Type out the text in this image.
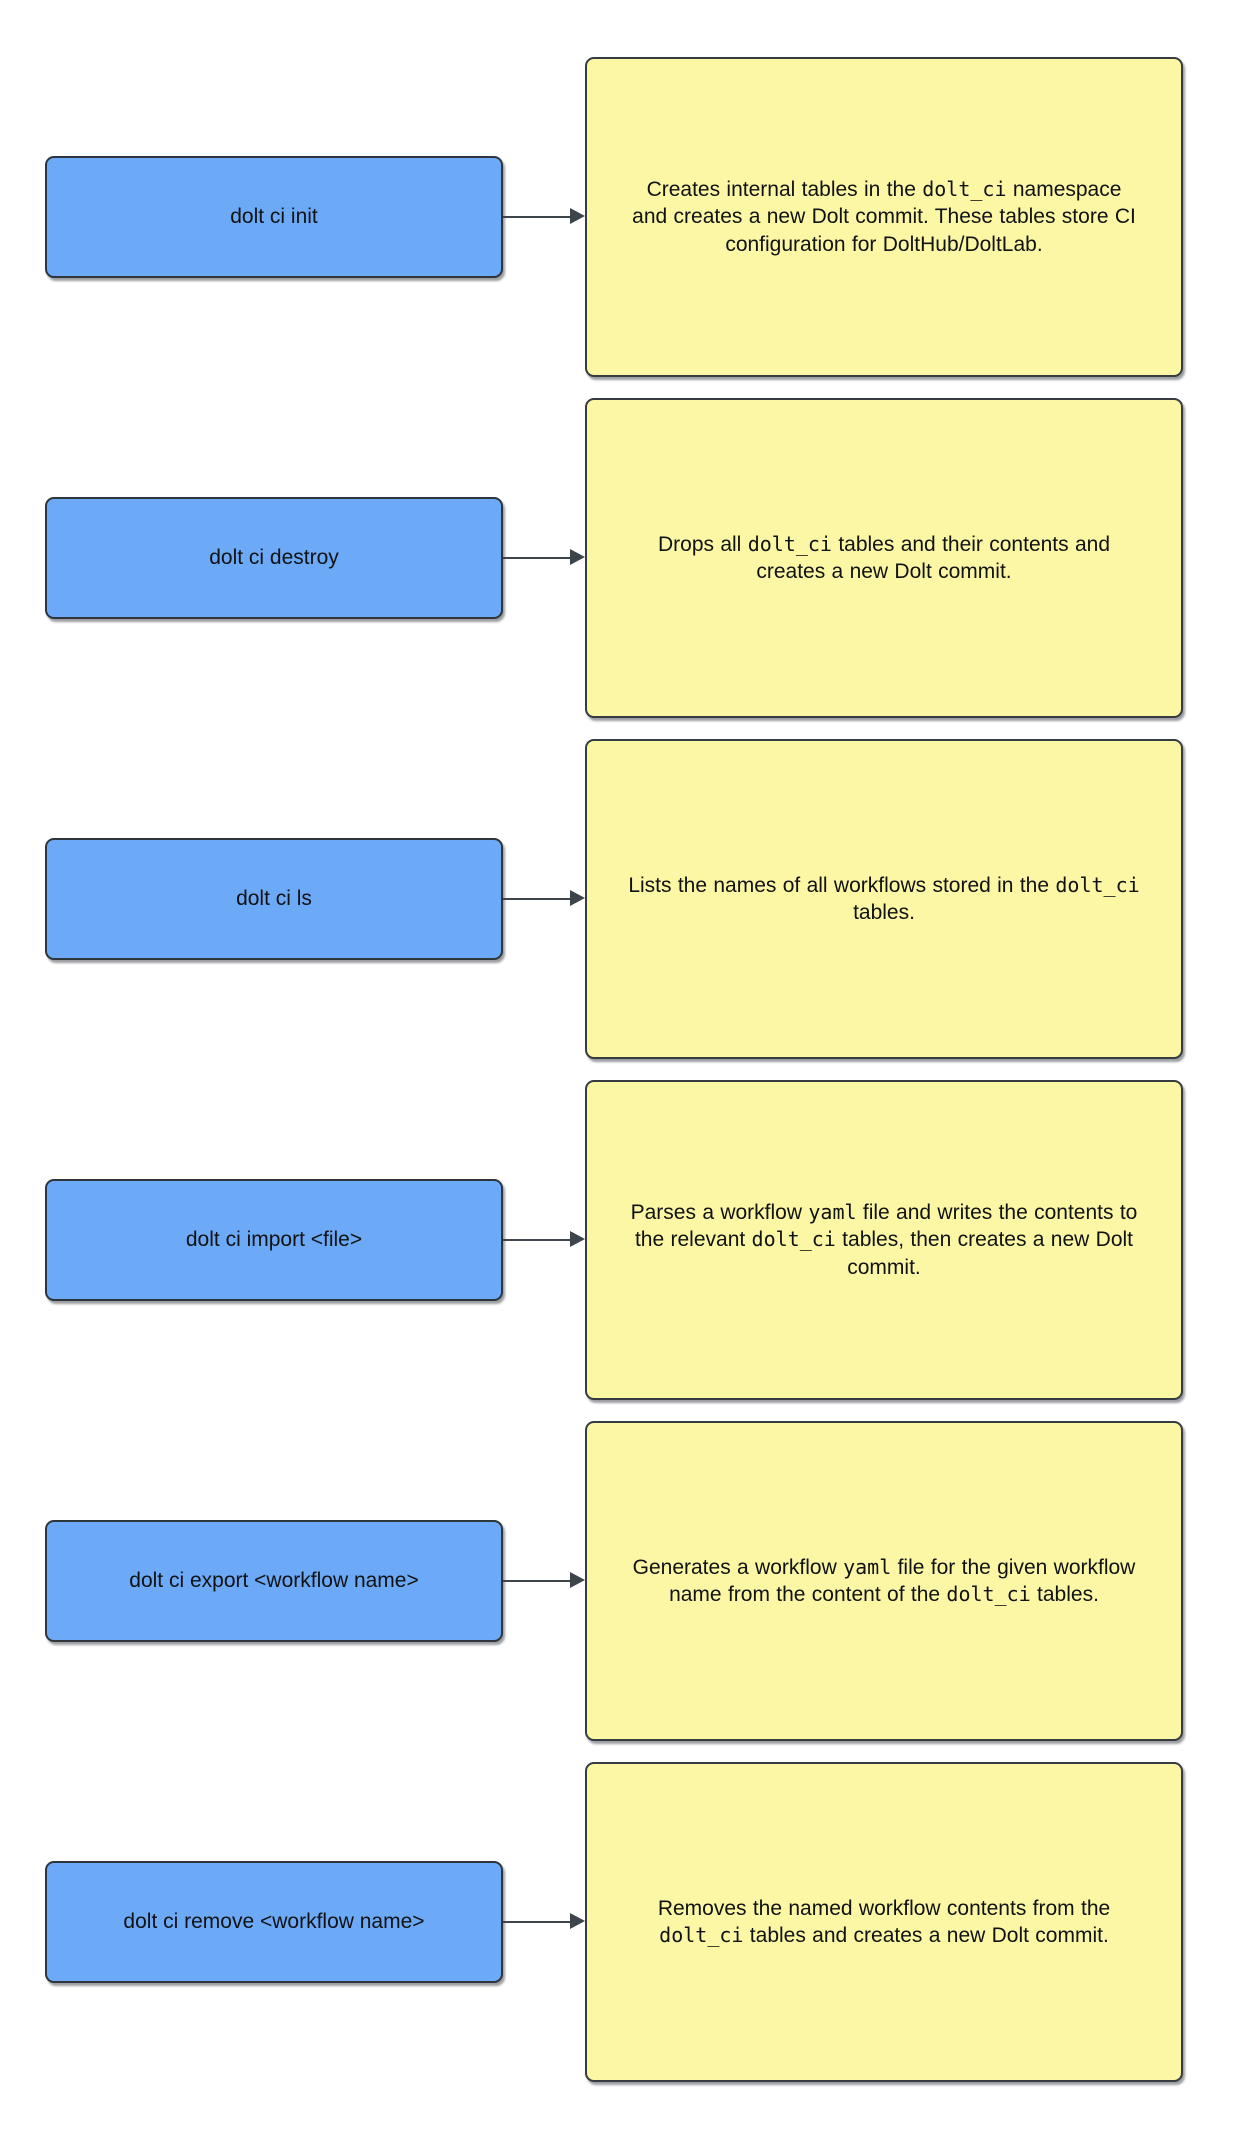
dolt ci init

Creates internal tables in the dolt_ci namespace and creates a new Dolt commit. These tables store CI configuration for DoltHub/DoltLab.

dolt ci destroy

Drops all dolt_ci tables and their contents and creates a new Dolt commit.

dolt ci ls

Lists the names of all workflows stored in the dolt_ci tables.

dolt ci import <file>

Parses a workflow yaml file and writes the contents to the relevant dolt_ci tables, then creates a new Dolt commit.

dolt ci export <workflow name>

Generates a workflow yaml file for the given workflow name from the content of the dolt_ci tables.

dolt ci remove <workflow name>

Removes the named workflow contents from the dolt_ci tables and creates a new Dolt commit.
